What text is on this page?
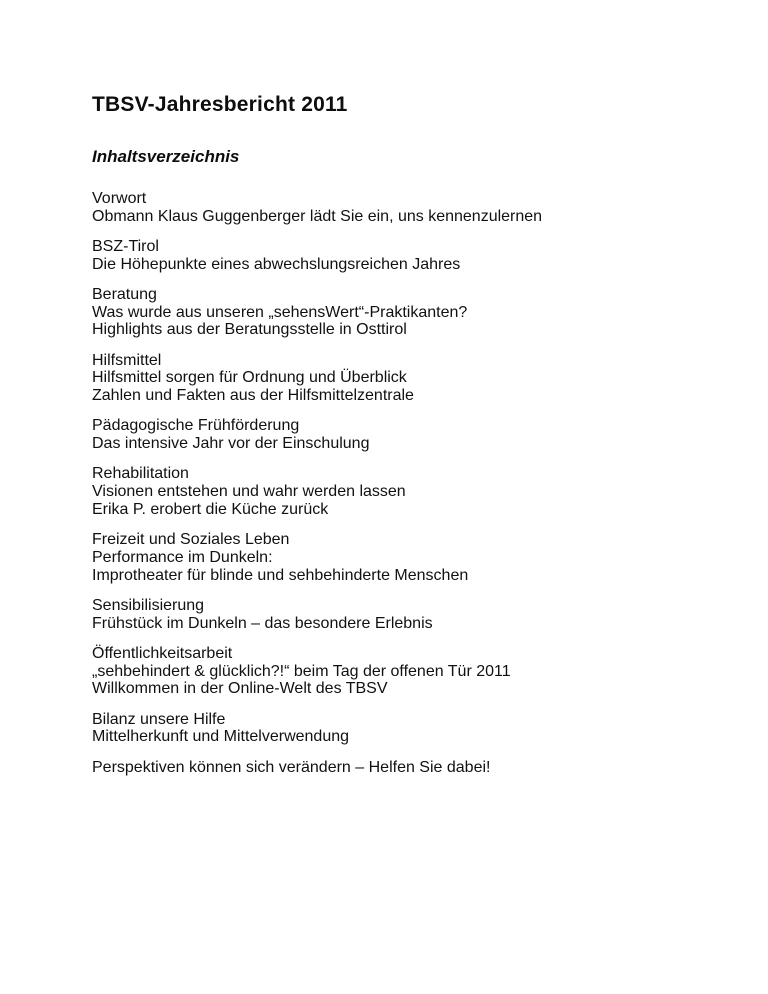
TBSV-Jahresbericht 2011
Inhaltsverzeichnis
Vorwort
Obmann Klaus Guggenberger lädt Sie ein, uns kennenzulernen
BSZ-Tirol
Die Höhepunkte eines abwechslungsreichen Jahres
Beratung
Was wurde aus unseren „sehensWert“-Praktikanten?
Highlights aus der Beratungsstelle in Osttirol
Hilfsmittel
Hilfsmittel sorgen für Ordnung und Überblick
Zahlen und Fakten aus der Hilfsmittelzentrale
Pädagogische Frühförderung
Das intensive Jahr vor der Einschulung
Rehabilitation
Visionen entstehen und wahr werden lassen
Erika P. erobert die Küche zurück
Freizeit und Soziales Leben
Performance im Dunkeln:
Improtheater für blinde und sehbehinderte Menschen
Sensibilisierung
Frühstück im Dunkeln – das besondere Erlebnis
Öffentlichkeitsarbeit
„sehbehindert & glücklich?!“ beim Tag der offenen Tür 2011
Willkommen in der Online-Welt des TBSV
Bilanz unsere Hilfe
Mittelherkunft und Mittelverwendung
Perspektiven können sich verändern – Helfen Sie dabei!
